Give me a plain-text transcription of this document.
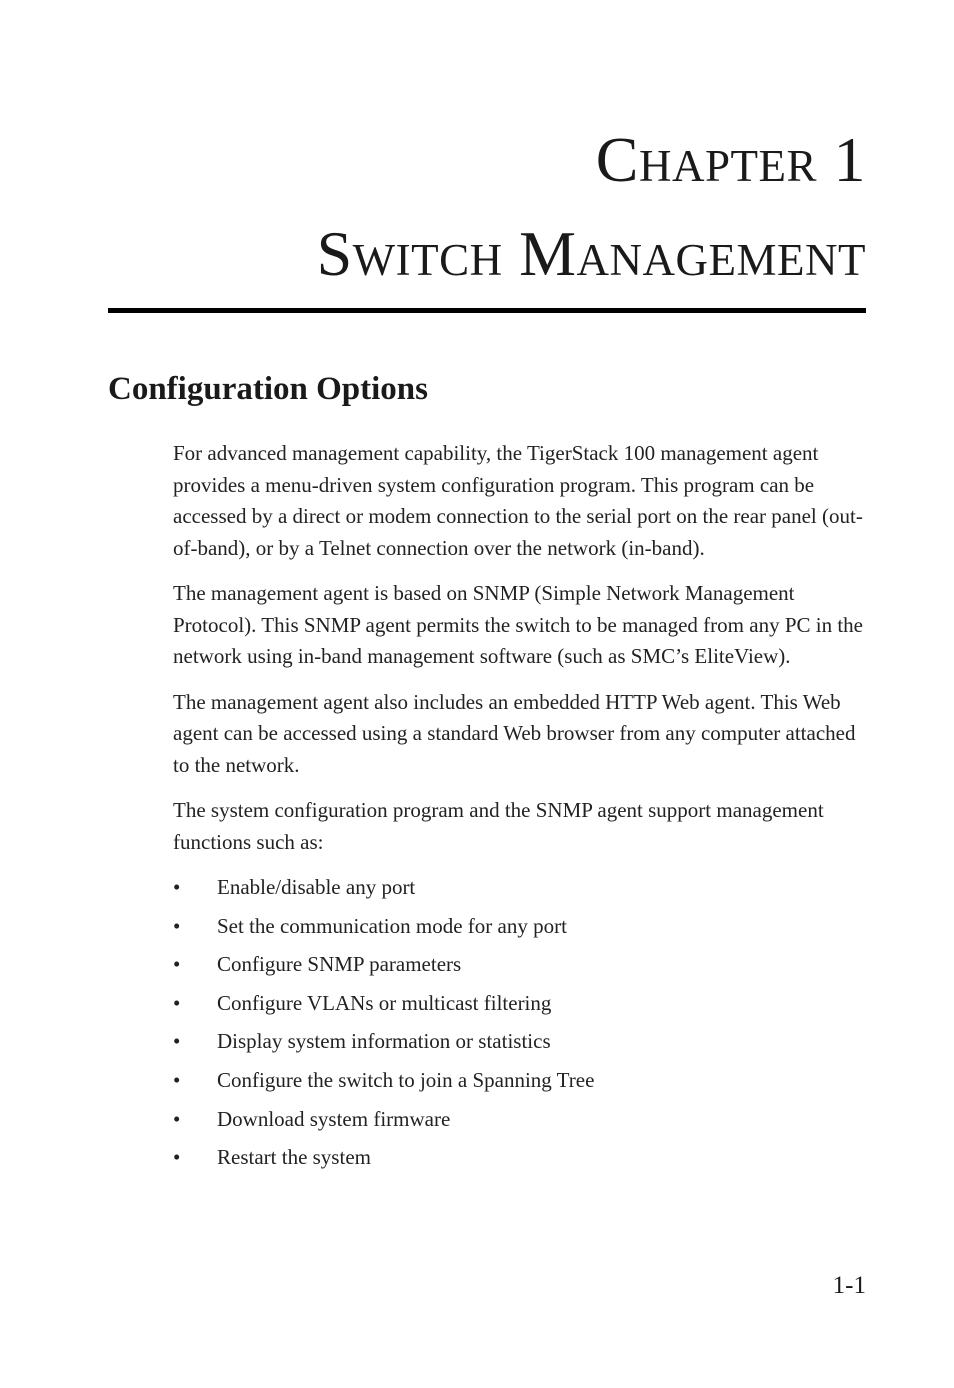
Chapter 1
Switch Management
Configuration Options

For advanced management capability, the TigerStack 100 management agent provides a menu-driven system configuration program. This program can be accessed by a direct or modem connection to the serial port on the rear panel (out-of-band), or by a Telnet connection over the network (in-band).

The management agent is based on SNMP (Simple Network Management Protocol). This SNMP agent permits the switch to be managed from any PC in the network using in-band management software (such as SMC’s EliteView).

The management agent also includes an embedded HTTP Web agent. This Web agent can be accessed using a standard Web browser from any computer attached to the network.

The system configuration program and the SNMP agent support management functions such as:

• Enable/disable any port
• Set the communication mode for any port
• Configure SNMP parameters
• Configure VLANs or multicast filtering
• Display system information or statistics
• Configure the switch to join a Spanning Tree
• Download system firmware
• Restart the system
1-1
